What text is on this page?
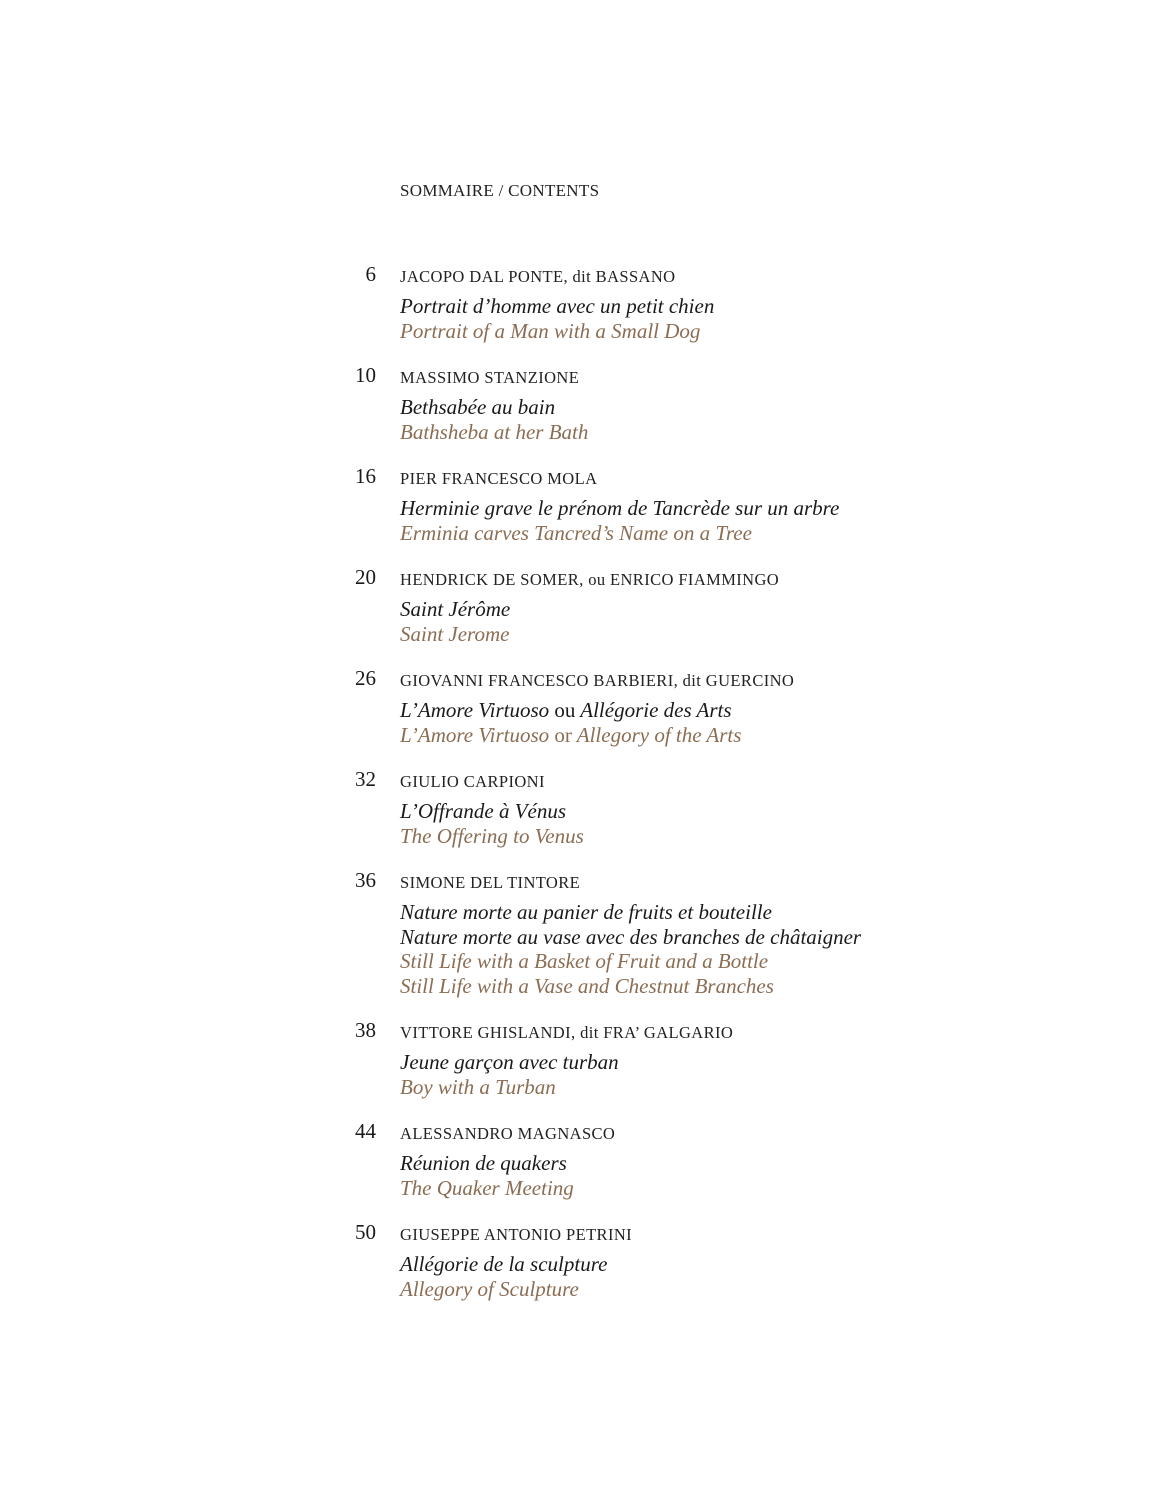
SOMMAIRE / CONTENTS
6 JACOPO DAL PONTE, dit BASSANO
Portrait d’homme avec un petit chien
Portrait of a Man with a Small Dog
10 MASSIMO STANZIONE
Bethsabée au bain
Bathsheba at her Bath
16 PIER FRANCESCO MOLA
Herminie grave le prénom de Tancrède sur un arbre
Erminia carves Tancred’s Name on a Tree
20 HENDRICK DE SOMER, ou ENRICO FIAMMINGO
Saint Jérôme
Saint Jerome
26 GIOVANNI FRANCESCO BARBIERI, dit GUERCINO
L’Amore Virtuoso ou Allégorie des Arts
L’Amore Virtuoso or Allegory of the Arts
32 GIULIO CARPIONI
L’Offrande à Vénus
The Offering to Venus
36 SIMONE DEL TINTORE
Nature morte au panier de fruits et bouteille
Nature morte au vase avec des branches de châtaigner
Still Life with a Basket of Fruit and a Bottle
Still Life with a Vase and Chestnut Branches
38 VITTORE GHISLANDI, dit FRA’ GALGARIO
Jeune garçon avec turban
Boy with a Turban
44 ALESSANDRO MAGNASCO
Réunion de quakers
The Quaker Meeting
50 GIUSEPPE ANTONIO PETRINI
Allégorie de la sculpture
Allegory of Sculpture
